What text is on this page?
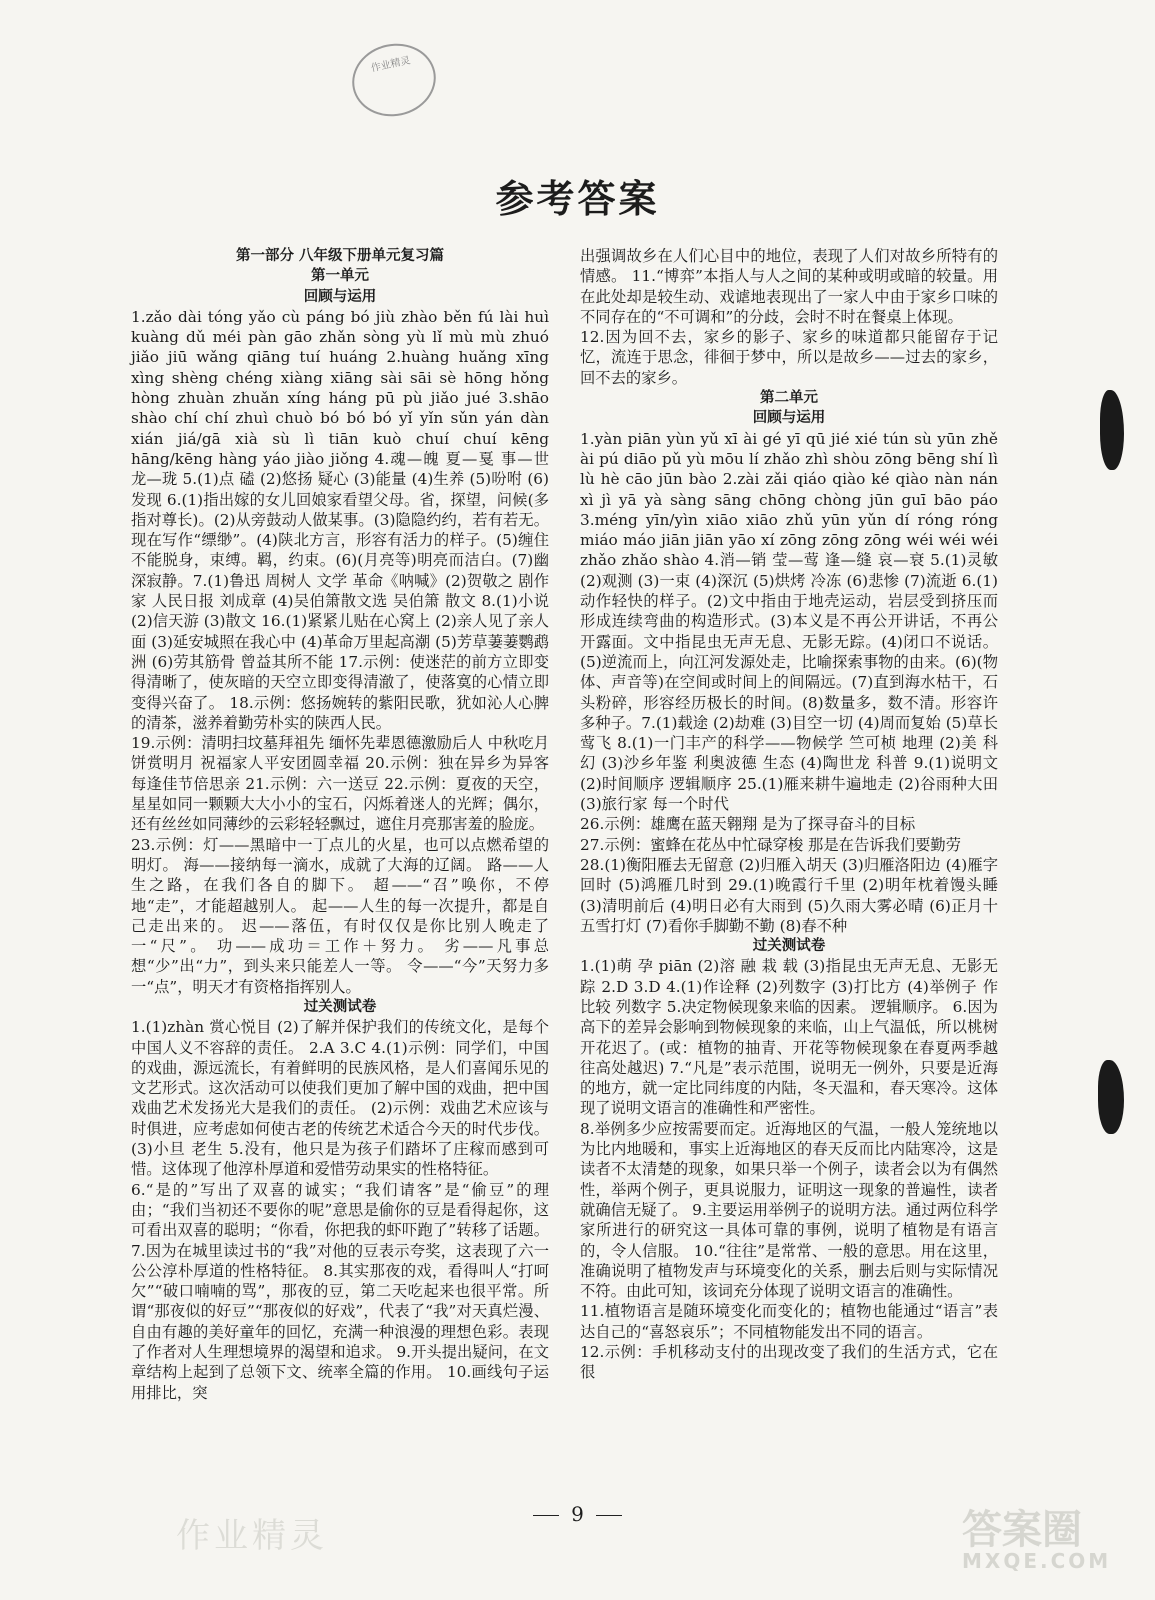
作业精灵
参考答案

第一部分 八年级下册单元复习篇

第一单元

回顾与运用

1.zǎo dài tóng yǎo cù páng bó jiù zhào běn fú lài huì kuàng dǔ méi pàn gāo zhǎn sòng yù lǐ mù mù zhuó jiǎo jiū wǎng qiāng tuí huáng 2.huàng huǎng xīng xìng shèng chéng xiàng xiāng sài sāi sè hōng hǒng hòng zhuàn zhuǎn xíng háng pū pù jiǎo jué 3.shāo shào chí chí zhuì chuò bó bó bó yǐ yǐn sǔn yán dàn xián jiá/gā xià sù lì tiān kuò chuí chuí kēng hāng/kēng hàng yáo jiào jiǒng 4.魂—魄 夏—戛 事—世 龙—珑 5.(1)点 磕 (2)悠扬 疑心 (3)能量 (4)生养 (5)吩咐 (6)发现 6.(1)指出嫁的女儿回娘家看望父母。省，探望，问候(多指对尊长)。(2)从旁鼓动人做某事。(3)隐隐约约，若有若无。现在写作“缥缈”。(4)陕北方言，形容有活力的样子。(5)缠住不能脱身，束缚。羁，约束。(6)(月亮等)明亮而洁白。(7)幽深寂静。7.(1)鲁迅 周树人 文学 革命《呐喊》(2)贺敬之 剧作家 人民日报 刘成章 (4)吴伯箫散文选 吴伯箫 散文 8.(1)小说 (2)信天游 (3)散文 16.(1)紧紧儿贴在心窝上 (2)亲人见了亲人面 (3)延安城照在我心中 (4)革命万里起高潮 (5)芳草萋萋鹦鹉洲 (6)劳其筋骨 曾益其所不能 17.示例：使迷茫的前方立即变得清晰了，使灰暗的天空立即变得清澈了，使落寞的心情立即变得兴奋了。 18.示例：悠扬婉转的紫阳民歌，犹如沁人心脾的清茶，滋养着勤劳朴实的陕西人民。

19.示例：清明扫坟墓拜祖先 缅怀先辈恩德激励后人 中秋吃月饼赏明月 祝福家人平安团圆幸福 20.示例：独在异乡为异客 每逢佳节倍思亲 21.示例：六一送豆 22.示例：夏夜的天空，星星如同一颗颗大大小小的宝石，闪烁着迷人的光辉；偶尔，还有丝丝如同薄纱的云彩轻轻飘过，遮住月亮那害羞的脸庞。

23.示例：灯——黑暗中一丁点儿的火星，也可以点燃希望的明灯。 海——接纳每一滴水，成就了大海的辽阔。 路——人生之路，在我们各自的脚下。 超——“召”唤你，不停地“走”，才能超越别人。 起——人生的每一次提升，都是自己走出来的。 迟——落伍，有时仅仅是你比别人晚走了一“尺”。 功——成功＝工作＋努力。 劣——凡事总想“少”出“力”，到头来只能差人一等。 令——“今”天努力多一“点”，明天才有资格指挥别人。

过关测试卷

1.(1)zhàn 赏心悦目 (2)了解并保护我们的传统文化，是每个中国人义不容辞的责任。 2.A 3.C 4.(1)示例：同学们，中国的戏曲，源远流长，有着鲜明的民族风格，是人们喜闻乐见的文艺形式。这次活动可以使我们更加了解中国的戏曲，把中国戏曲艺术发扬光大是我们的责任。 (2)示例：戏曲艺术应该与时俱进，应考虑如何使古老的传统艺术适合今天的时代步伐。 (3)小旦 老生 5.没有，他只是为孩子们踏坏了庄稼而感到可惜。这体现了他淳朴厚道和爱惜劳动果实的性格特征。

6.“是的”写出了双喜的诚实；“我们请客”是“偷豆”的理由；“我们当初还不要你的呢”意思是偷你的豆是看得起你，这可看出双喜的聪明；“你看，你把我的虾吓跑了”转移了话题。 7.因为在城里读过书的“我”对他的豆表示夸奖，这表现了六一公公淳朴厚道的性格特征。 8.其实那夜的戏，看得叫人“打呵欠”“破口喃喃的骂”，那夜的豆，第二天吃起来也很平常。所谓“那夜似的好豆”“那夜似的好戏”，代表了“我”对天真烂漫、自由有趣的美好童年的回忆，充满一种浪漫的理想色彩。表现了作者对人生理想境界的渴望和追求。 9.开头提出疑问，在文章结构上起到了总领下文、统率全篇的作用。 10.画线句子运用排比，突

出强调故乡在人们心目中的地位，表现了人们对故乡所特有的情感。 11.“博弈”本指人与人之间的某种或明或暗的较量。用在此处却是较生动、戏谑地表现出了一家人中由于家乡口味的不同存在的“不可调和”的分歧，会时不时在餐桌上体现。

12.因为回不去，家乡的影子、家乡的味道都只能留存于记忆，流连于思念，徘徊于梦中，所以是故乡——过去的家乡，回不去的家乡。

第二单元

回顾与运用

1.yàn piān yùn yǔ xī ài gé yī qū jié xié tún sù yūn zhě ài pú diāo pǔ yù mōu lí zhǎo zhì shòu zōng bēng shí lì lù hè cāo jūn bào 2.zài zǎi qiáo qiào ké qiào nàn nán xì jì yā yà sàng sāng chōng chòng jūn guī bāo páo 3.méng yīn/yìn xiāo xiāo zhǔ yūn yǔn dí róng róng miáo máo jiān jiān yāo xí zōng zōng zōng wéi wéi wéi zhǎo zhǎo shào 4.消—销 莹—莺 逢—缝 哀—衰 5.(1)灵敏 (2)观测 (3)一束 (4)深沉 (5)烘烤 冷冻 (6)悲惨 (7)流逝 6.(1)动作轻快的样子。(2)文中指由于地壳运动，岩层受到挤压而形成连续弯曲的构造形式。(3)本义是不再公开讲话，不再公开露面。文中指昆虫无声无息、无影无踪。(4)闭口不说话。(5)逆流而上，向江河发源处走，比喻探索事物的由来。(6)(物体、声音等)在空间或时间上的间隔远。(7)直到海水枯干，石头粉碎，形容经历极长的时间。(8)数量多，数不清。形容许多种子。7.(1)载途 (2)劫难 (3)目空一切 (4)周而复始 (5)草长莺飞 8.(1)一门丰产的科学——物候学 竺可桢 地理 (2)美 科幻 (3)沙乡年鉴 利奥波德 生态 (4)陶世龙 科普 9.(1)说明文 (2)时间顺序 逻辑顺序 25.(1)雁来耕牛遍地走 (2)谷雨种大田 (3)旅行家 每一个时代

26.示例：雄鹰在蓝天翱翔 是为了探寻奋斗的目标

27.示例：蜜蜂在花丛中忙碌穿梭 那是在告诉我们要勤劳

28.(1)衡阳雁去无留意 (2)归雁入胡天 (3)归雁洛阳边 (4)雁字回时 (5)鸿雁几时到 29.(1)晚霞行千里 (2)明年枕着馒头睡 (3)清明前后 (4)明日必有大雨到 (5)久雨大雾必晴 (6)正月十五雪打灯 (7)看你手脚勤不勤 (8)春不种

过关测试卷

1.(1)萌 孕 piān (2)溶 融 栽 载 (3)指昆虫无声无息、无影无踪 2.D 3.D 4.(1)作诠释 (2)列数字 (3)打比方 (4)举例子 作比较 列数字 5.决定物候现象来临的因素。 逻辑顺序。 6.因为高下的差异会影响到物候现象的来临，山上气温低，所以桃树开花迟了。(或：植物的抽青、开花等物候现象在春夏两季越往高处越迟) 7.“凡是”表示范围，说明无一例外，只要是近海的地方，就一定比同纬度的内陆，冬天温和，春天寒冷。这体现了说明文语言的准确性和严密性。

8.举例多少应按需要而定。近海地区的气温，一般人笼统地以为比内地暖和，事实上近海地区的春天反而比内陆寒冷，这是读者不太清楚的现象，如果只举一个例子，读者会以为有偶然性，举两个例子，更具说服力，证明这一现象的普遍性，读者就确信无疑了。 9.主要运用举例子的说明方法。通过两位科学家所进行的研究这一具体可靠的事例，说明了植物是有语言的，令人信服。 10.“往往”是常常、一般的意思。用在这里，准确说明了植物发声与环境变化的关系，删去后则与实际情况不符。由此可知，该词充分体现了说明文语言的准确性。

11.植物语言是随环境变化而变化的；植物也能通过“语言”表达自己的“喜怒哀乐”；不同植物能发出不同的语言。

12.示例：手机移动支付的出现改变了我们的生活方式，它在很

9
作业精灵	答案圈
MXQE.COM
